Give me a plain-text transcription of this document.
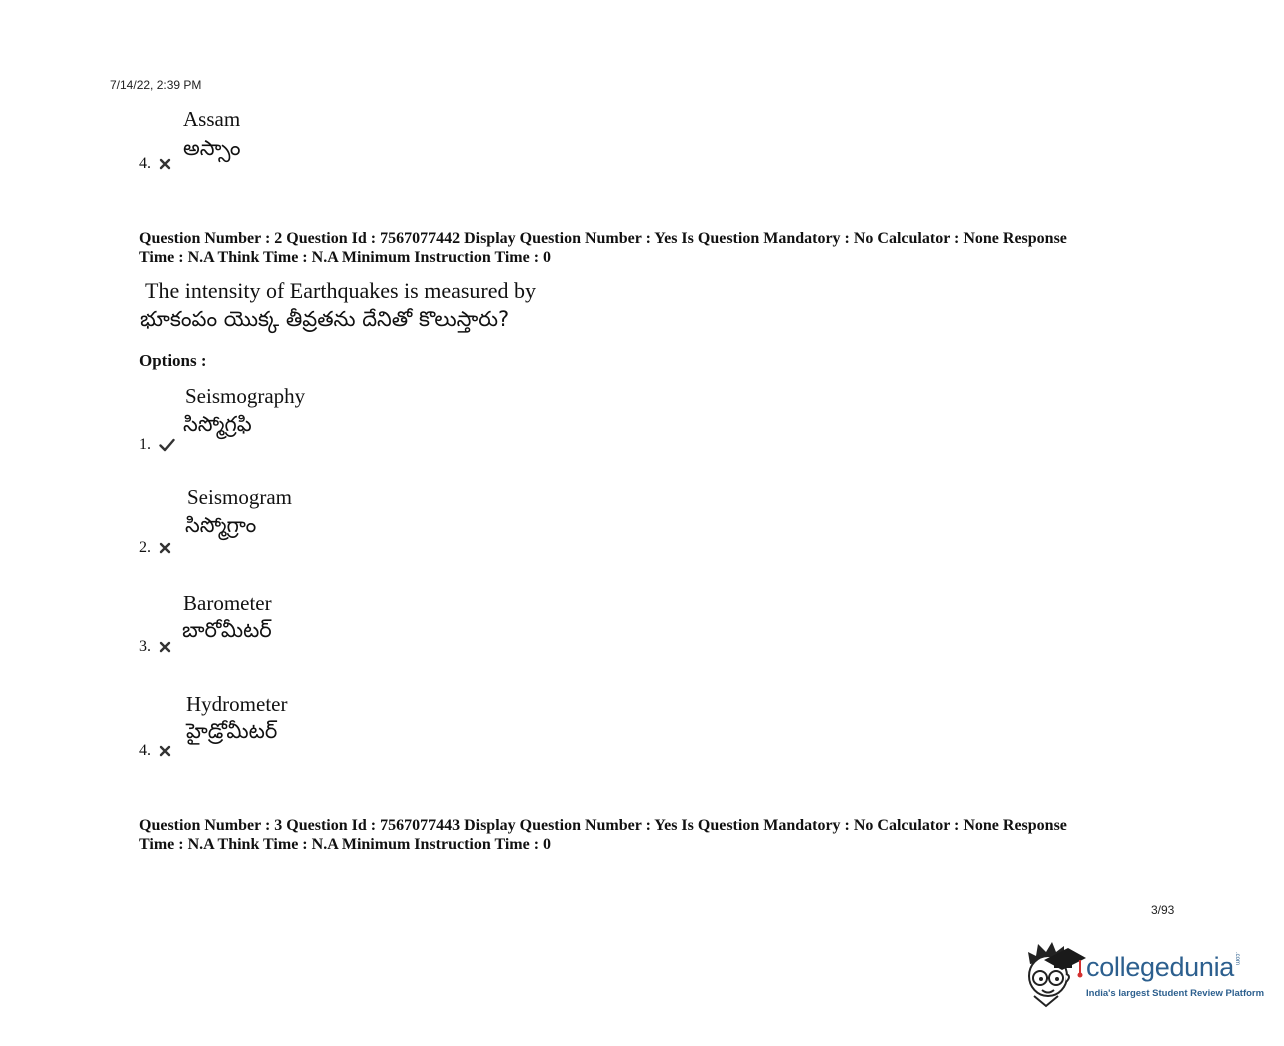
7/14/22, 2:39 PM
Assam
అస్సాం
4.
Question Number : 2 Question Id : 7567077442 Display Question Number : Yes Is Question Mandatory : No Calculator : None Response
Time : N.A Think Time : N.A Minimum Instruction Time : 0
The intensity of Earthquakes is measured by
భూకంపం యొక్క తీవ్రతను దేనితో కొలుస్తారు?
Options :
Seismography
సిస్మోగ్రఫి
1.
Seismogram
సిస్మోగ్రాం
2.
Barometer
బారోమీటర్
3.
Hydrometer
హైడ్రోమీటర్
4.
Question Number : 3 Question Id : 7567077443 Display Question Number : Yes Is Question Mandatory : No Calculator : None Response
Time : N.A Think Time : N.A Minimum Instruction Time : 0
3/93
collegedunia.com
India's largest Student Review Platform
